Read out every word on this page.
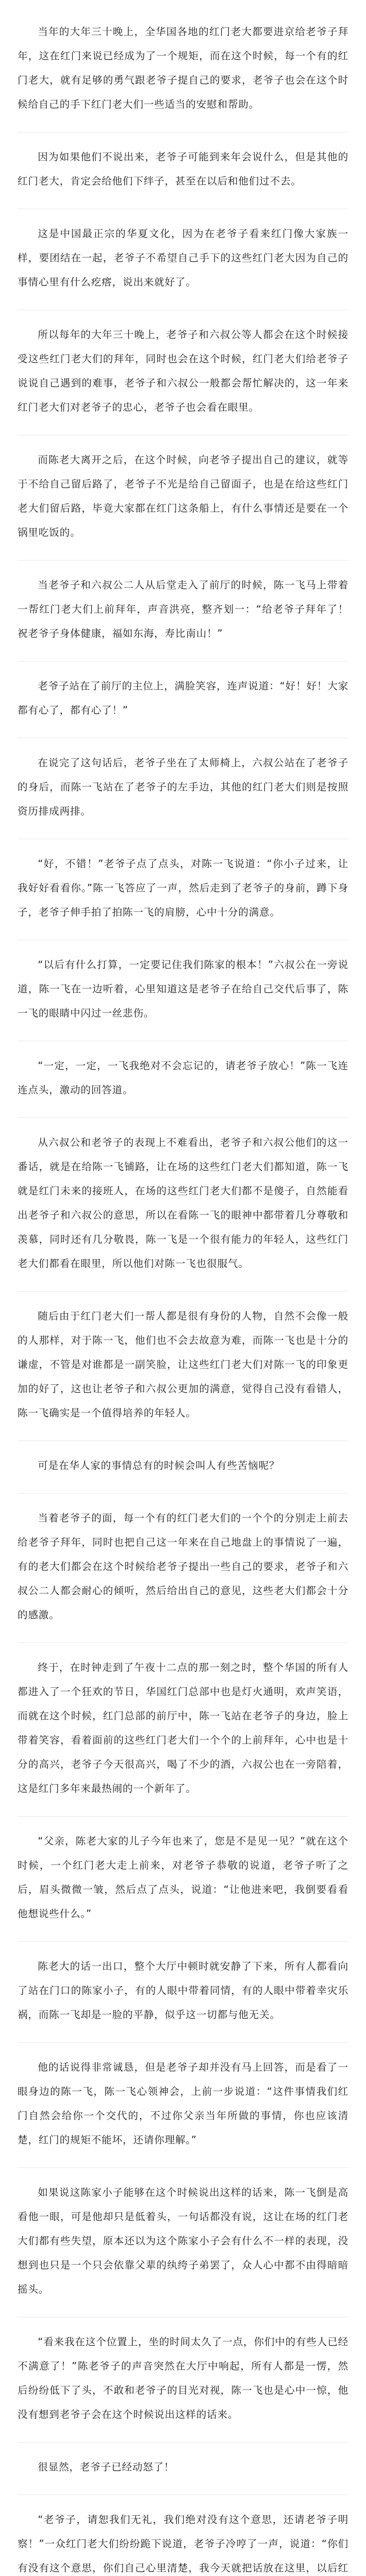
当年的大年三十晚上，全华国各地的红门老大都要进京给老爷子拜年，这在红门来说已经成为了一个规矩，而在这个时候，每一个有的红门老大，就有足够的勇气跟老爷子提自己的要求，老爷子也会在这个时候给自己的手下红门老大们一些适当的安慰和帮助。

因为如果他们不说出来，老爷子可能到来年会说什么，但是其他的红门老大，肯定会给他们下绊子，甚至在以后和他们过不去。

这是中国最正宗的华夏文化，因为在老爷子看来红门像大家族一样，要团结在一起，老爷子不希望自己手下的这些红门老大因为自己的事情心里有什么疙瘩，说出来就好了。

所以每年的大年三十晚上，老爷子和六叔公等人都会在这个时候接受这些红门老大们的拜年，同时也会在这个时候，红门老大们给老爷子说说自己遇到的难事，老爷子和六叔公一般都会帮忙解决的，这一年来红门老大们对老爷子的忠心，老爷子也会看在眼里。

而陈老大离开之后，在这个时候，向老爷子提出自己的建议，就等于不给自己留后路了，老爷子不光是给自己留面子，也是在给这些红门老大们留后路，毕竟大家都在红门这条船上，有什么事情还是要在一个锅里吃饭的。

当老爷子和六叔公二人从后堂走入了前厅的时候，陈一飞马上带着一帮红门老大们上前拜年，声音洪亮，整齐划一：“给老爷子拜年了！祝老爷子身体健康，福如东海，寿比南山！”

老爷子站在了前厅的主位上，满脸笑容，连声说道：“好！好！大家都有心了，都有心了！”

在说完了这句话后，老爷子坐在了太师椅上，六叔公站在了老爷子的身后，而陈一飞站在了老爷子的左手边，其他的红门老大们则是按照资历排成两排。

“好，不错！”老爷子点了点头，对陈一飞说道：“你小子过来，让我好好看看你。”陈一飞答应了一声，然后走到了老爷子的身前，蹲下身子，老爷子伸手拍了拍陈一飞的肩膀，心中十分的满意。

“以后有什么打算，一定要记住我们陈家的根本！”六叔公在一旁说道，陈一飞在一边听着，心里知道这是老爷子在给自己交代后事了，陈一飞的眼睛中闪过一丝悲伤。

“一定，一定，一飞我绝对不会忘记的，请老爷子放心！”陈一飞连连点头，激动的回答道。

从六叔公和老爷子的表现上不难看出，老爷子和六叔公他们的这一番话，就是在给陈一飞铺路，让在场的这些红门老大们都知道，陈一飞就是红门未来的接班人，在场的这些红门老大们都不是傻子，自然能看出老爷子和六叔公的意思，所以在看陈一飞的眼神中都带着几分尊敬和羡慕，同时还有几分敬畏，陈一飞是一个很有能力的年轻人，这些红门老大们都看在眼里，所以他们对陈一飞也很服气。

随后由于红门老大们一帮人都是很有身份的人物，自然不会像一般的人那样，对于陈一飞，他们也不会去故意为难，而陈一飞也是十分的谦虚，不管是对谁都是一副笑脸，让这些红门老大们对陈一飞的印象更加的好了，这也让老爷子和六叔公更加的满意，觉得自己没有看错人，陈一飞确实是一个值得培养的年轻人。

可是在华人家的事情总有的时候会叫人有些苦恼呢？

当着老爷子的面，每一个有的红门老大们的一个个的分别走上前去给老爷子拜年，同时也把自己这一年来在自己地盘上的事情说了一遍，有的老大们都会在这个时候给老爷子提出一些自己的要求，老爷子和六叔公二人都会耐心的倾听，然后给出自己的意见，这些老大们都会十分的感激。

终于，在时钟走到了午夜十二点的那一刻之时，整个华国的所有人都进入了一个狂欢的节日，华国红门总部中也是灯火通明，欢声笑语，而就在这个时候，红门总部的前厅中，陈一飞站在老爷子的身边，脸上带着笑容，看着面前的这些红门老大们一个个的上前拜年，心中也是十分的高兴，老爷子今天很高兴，喝了不少的酒，六叔公也在一旁陪着，这是红门多年来最热闹的一个新年了。

“父亲，陈老大家的儿子今年也来了，您是不是见一见？”就在这个时候，一个红门老大走上前来，对老爷子恭敬的说道，老爷子听了之后，眉头微微一皱，然后点了点头，说道：“让他进来吧，我倒要看看他想说些什么。”

陈老大的话一出口，整个大厅中顿时就安静了下来，所有人都看向了站在门口的陈家小子，有的人眼中带着同情，有的人眼中带着幸灾乐祸，而陈一飞却是一脸的平静，似乎这一切都与他无关。

他的话说得非常诚恳，但是老爷子却并没有马上回答，而是看了一眼身边的陈一飞，陈一飞心领神会，上前一步说道：“这件事情我们红门自然会给你一个交代的，不过你父亲当年所做的事情，你也应该清楚，红门的规矩不能坏，还请你理解。”

如果说这陈家小子能够在这个时候说出这样的话来，陈一飞倒是高看他一眼，可是他却只是低着头，一句话都没有说，这让在场的红门老大们都有些失望，原本还以为这个陈家小子会有什么不一样的表现，没想到也只是一个只会依靠父辈的纨绔子弟罢了，众人心中都不由得暗暗摇头。

“看来我在这个位置上，坐的时间太久了一点，你们中的有些人已经不满意了！”陈老爷子的声音突然在大厅中响起，所有人都是一愣，然后纷纷低下了头，不敢和老爷子的目光对视，陈一飞也是心中一惊，他没有想到老爷子会在这个时候说出这样的话来。

很显然，老爷子已经动怒了！

“老爷子，请恕我们无礼，我们绝对没有这个意思，还请老爷子明察！”一众红门老大们纷纷跪下说道，老爷子冷哼了一声，说道：“你们有没有这个意思，你们自己心里清楚，我今天就把话放在这里，以后红
